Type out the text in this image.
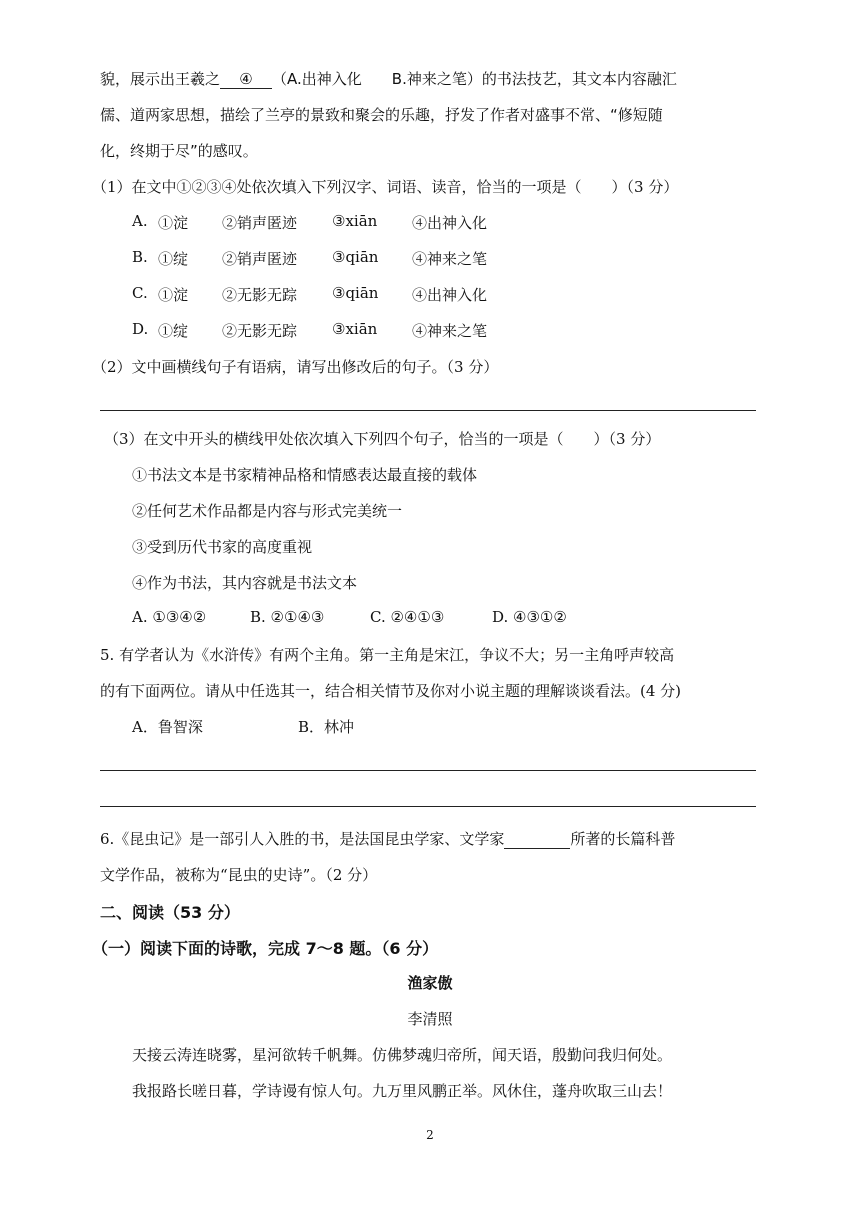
貌，展示出王羲之 ④ （A.出神入化　　B.神来之笔）的书法技艺，其文本内容融汇
儒、道两家思想，描绘了兰亭的景致和聚会的乐趣，抒发了作者对盛事不常、“修短随
化，终期于尽”的感叹。
（1）在文中①②③④处依次填入下列汉字、词语、读音，恰当的一项是（　　）（3 分）
A. ①淀 ②销声匿迹 ③xiān ④出神入化
B. ①绽 ②销声匿迹 ③qiān ④神来之笔
C. ①淀 ②无影无踪 ③qiān ④出神入化
D. ①绽 ②无影无踪 ③xiān ④神来之笔
（2）文中画横线句子有语病，请写出修改后的句子。（3 分）
（3）在文中开头的横线甲处依次填入下列四个句子，恰当的一项是（　　）（3 分）
①书法文本是书家精神品格和情感表达最直接的载体
②任何艺术作品都是内容与形式完美统一
③受到历代书家的高度重视
④作为书法，其内容就是书法文本
A. ①③④②	B. ②①④③	C. ②④①③	D. ④③①②
5. 有学者认为《水浒传》有两个主角。第一主角是宋江，争议不大；另一主角呼声较高
的有下面两位。请从中任选其一，结合相关情节及你对小说主题的理解谈谈看法。(4 分)
A．鲁智深	B．林冲
6.《昆虫记》是一部引人入胜的书，是法国昆虫学家、文学家	所著的长篇科普
文学作品，被称为“昆虫的史诗”。（2 分）
二、阅读（53 分）
（一）阅读下面的诗歌，完成 7～8 题。（6 分）
渔家傲
李清照
天接云涛连晓雾，星河欲转千帆舞。仿佛梦魂归帝所，闻天语，殷勤问我归何处。
我报路长嗟日暮，学诗谩有惊人句。九万里风鹏正举。风休住，蓬舟吹取三山去！
2
